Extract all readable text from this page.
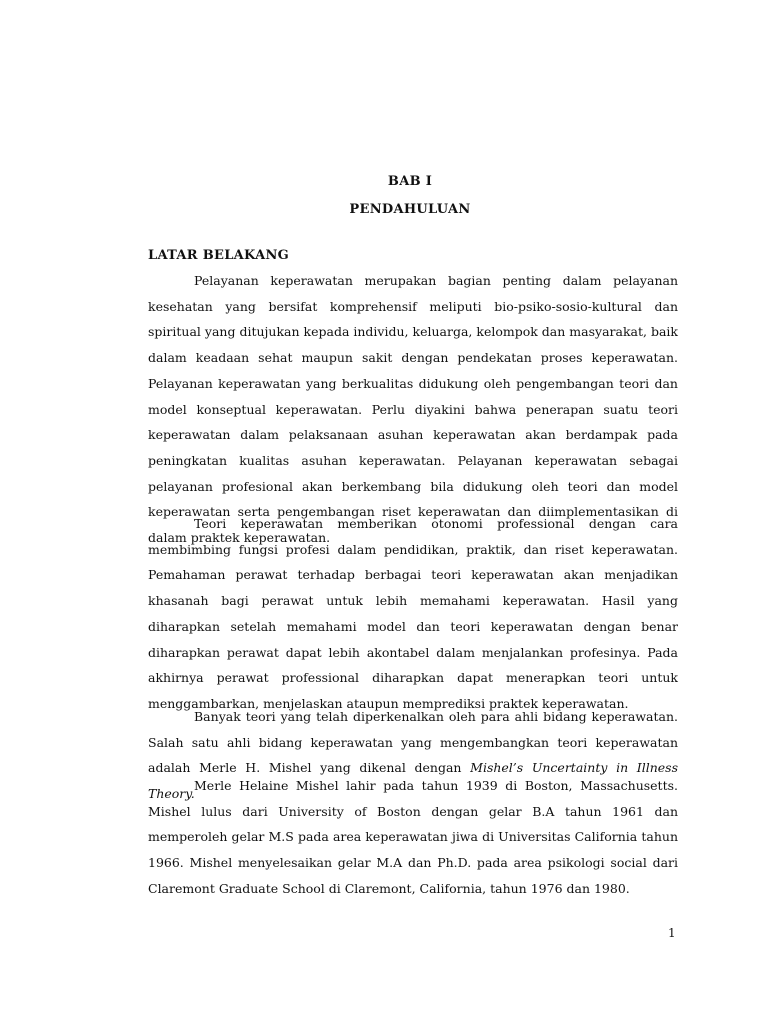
BAB I
PENDAHULUAN
LATAR BELAKANG

Pelayanan keperawatan merupakan bagian penting dalam pelayanan kesehatan yang bersifat komprehensif meliputi bio-psiko-sosio-kultural dan spiritual yang ditujukan kepada individu, keluarga, kelompok dan masyarakat, baik dalam keadaan sehat maupun sakit dengan pendekatan proses keperawatan. Pelayanan keperawatan yang berkualitas didukung oleh pengembangan teori dan model konseptual keperawatan. Perlu diyakini bahwa penerapan suatu teori keperawatan dalam pelaksanaan asuhan keperawatan akan berdampak pada peningkatan kualitas asuhan keperawatan. Pelayanan keperawatan sebagai pelayanan profesional akan berkembang bila didukung oleh teori dan model keperawatan serta pengembangan riset keperawatan dan diimplementasikan di dalam praktek keperawatan.

Teori keperawatan memberikan otonomi professional dengan cara membimbing fungsi profesi dalam pendidikan, praktik, dan riset keperawatan. Pemahaman perawat terhadap berbagai teori keperawatan akan menjadikan khasanah bagi perawat untuk lebih memahami keperawatan. Hasil yang diharapkan setelah memahami model dan teori keperawatan dengan benar diharapkan perawat dapat lebih akontabel dalam menjalankan profesinya. Pada akhirnya perawat professional diharapkan dapat menerapkan teori untuk menggambarkan, menjelaskan ataupun memprediksi praktek keperawatan.

Banyak teori yang telah diperkenalkan oleh para ahli bidang keperawatan. Salah satu ahli bidang keperawatan yang mengembangkan teori keperawatan adalah Merle H. Mishel yang dikenal dengan Mishel’s Uncertainty in Illness Theory.

Merle Helaine Mishel lahir pada tahun 1939 di Boston, Massachusetts. Mishel lulus dari University of Boston dengan gelar B.A tahun 1961 dan memperoleh gelar M.S pada area keperawatan jiwa di Universitas California tahun 1966. Mishel menyelesaikan gelar M.A dan Ph.D. pada area psikologi social dari Claremont Graduate School di Claremont, California, tahun 1976 dan 1980.

1
